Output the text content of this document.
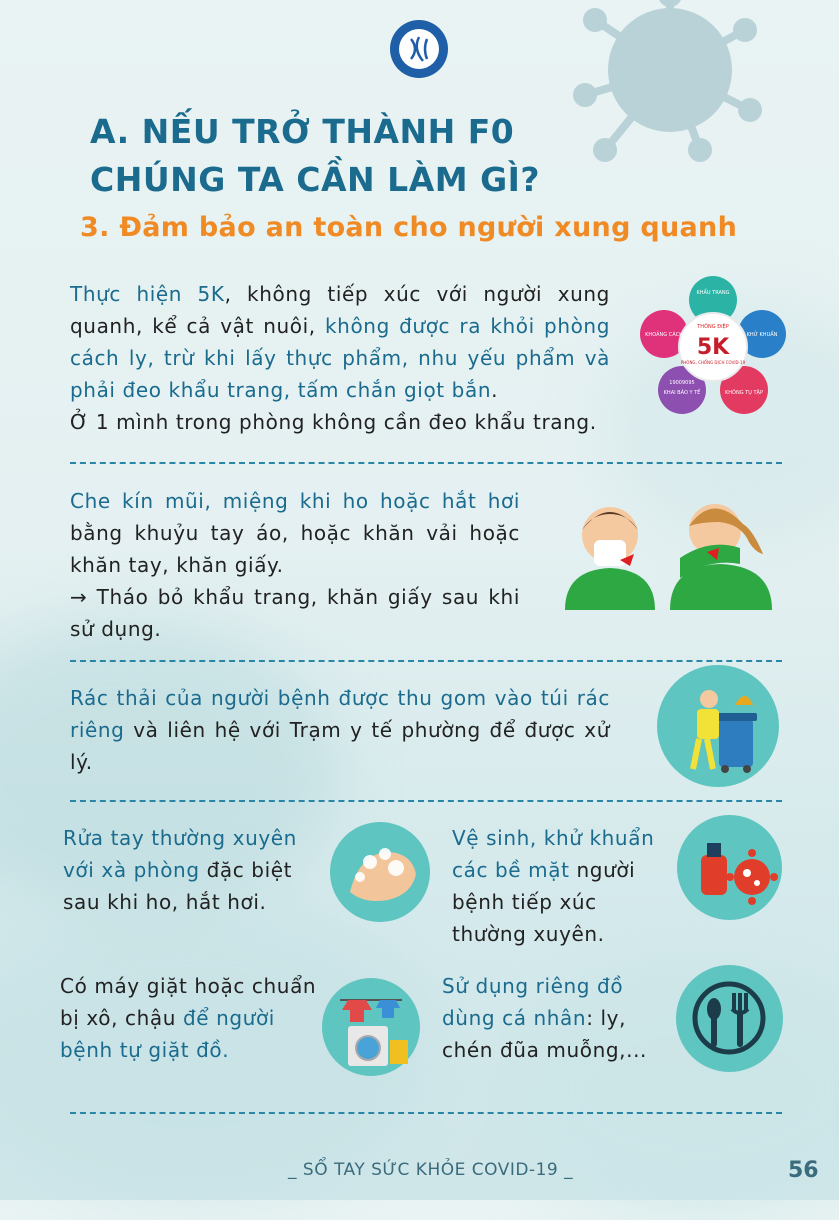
A. NẾU TRỞ THÀNH F0
CHÚNG TA CẦN LÀM GÌ?
3. Đảm bảo an toàn cho người xung quanh
Thực hiện 5K, không tiếp xúc với người xung quanh, kể cả vật nuôi, không được ra khỏi phòng cách ly, trừ khi lấy thực phẩm, nhu yếu phẩm và phải đeo khẩu trang, tấm chắn giọt bắn.
Ở 1 mình trong phòng không cần đeo khẩu trang.
THÔNG ĐIỆP
5K
PHÒNG, CHỐNG DỊCH COVID-19
KHẨU TRANG
KHỬ KHUẨN
KHÔNG TỤ TẬP
KHAI BÁO Y TẾ
19009095
KHOẢNG CÁCH
Che kín mũi, miệng khi ho hoặc hắt hơi bằng khuỷu tay áo, hoặc khăn vải hoặc khăn tay, khăn giấy.
→ Tháo bỏ khẩu trang, khăn giấy sau khi sử dụng.
Rác thải của người bệnh được thu gom vào túi rác riêng và liên hệ với Trạm y tế phường để được xử lý.
Rửa tay thường xuyên với xà phòng đặc biệt sau khi ho, hắt hơi.
Vệ sinh, khử khuẩn các bề mặt người bệnh tiếp xúc thường xuyên.
Có máy giặt hoặc chuẩn bị xô, chậu để người bệnh tự giặt đồ.
Sử dụng riêng đồ dùng cá nhân: ly, chén đũa muỗng,...
_ SỔ TAY SỨC KHỎE COVID-19 _	56
